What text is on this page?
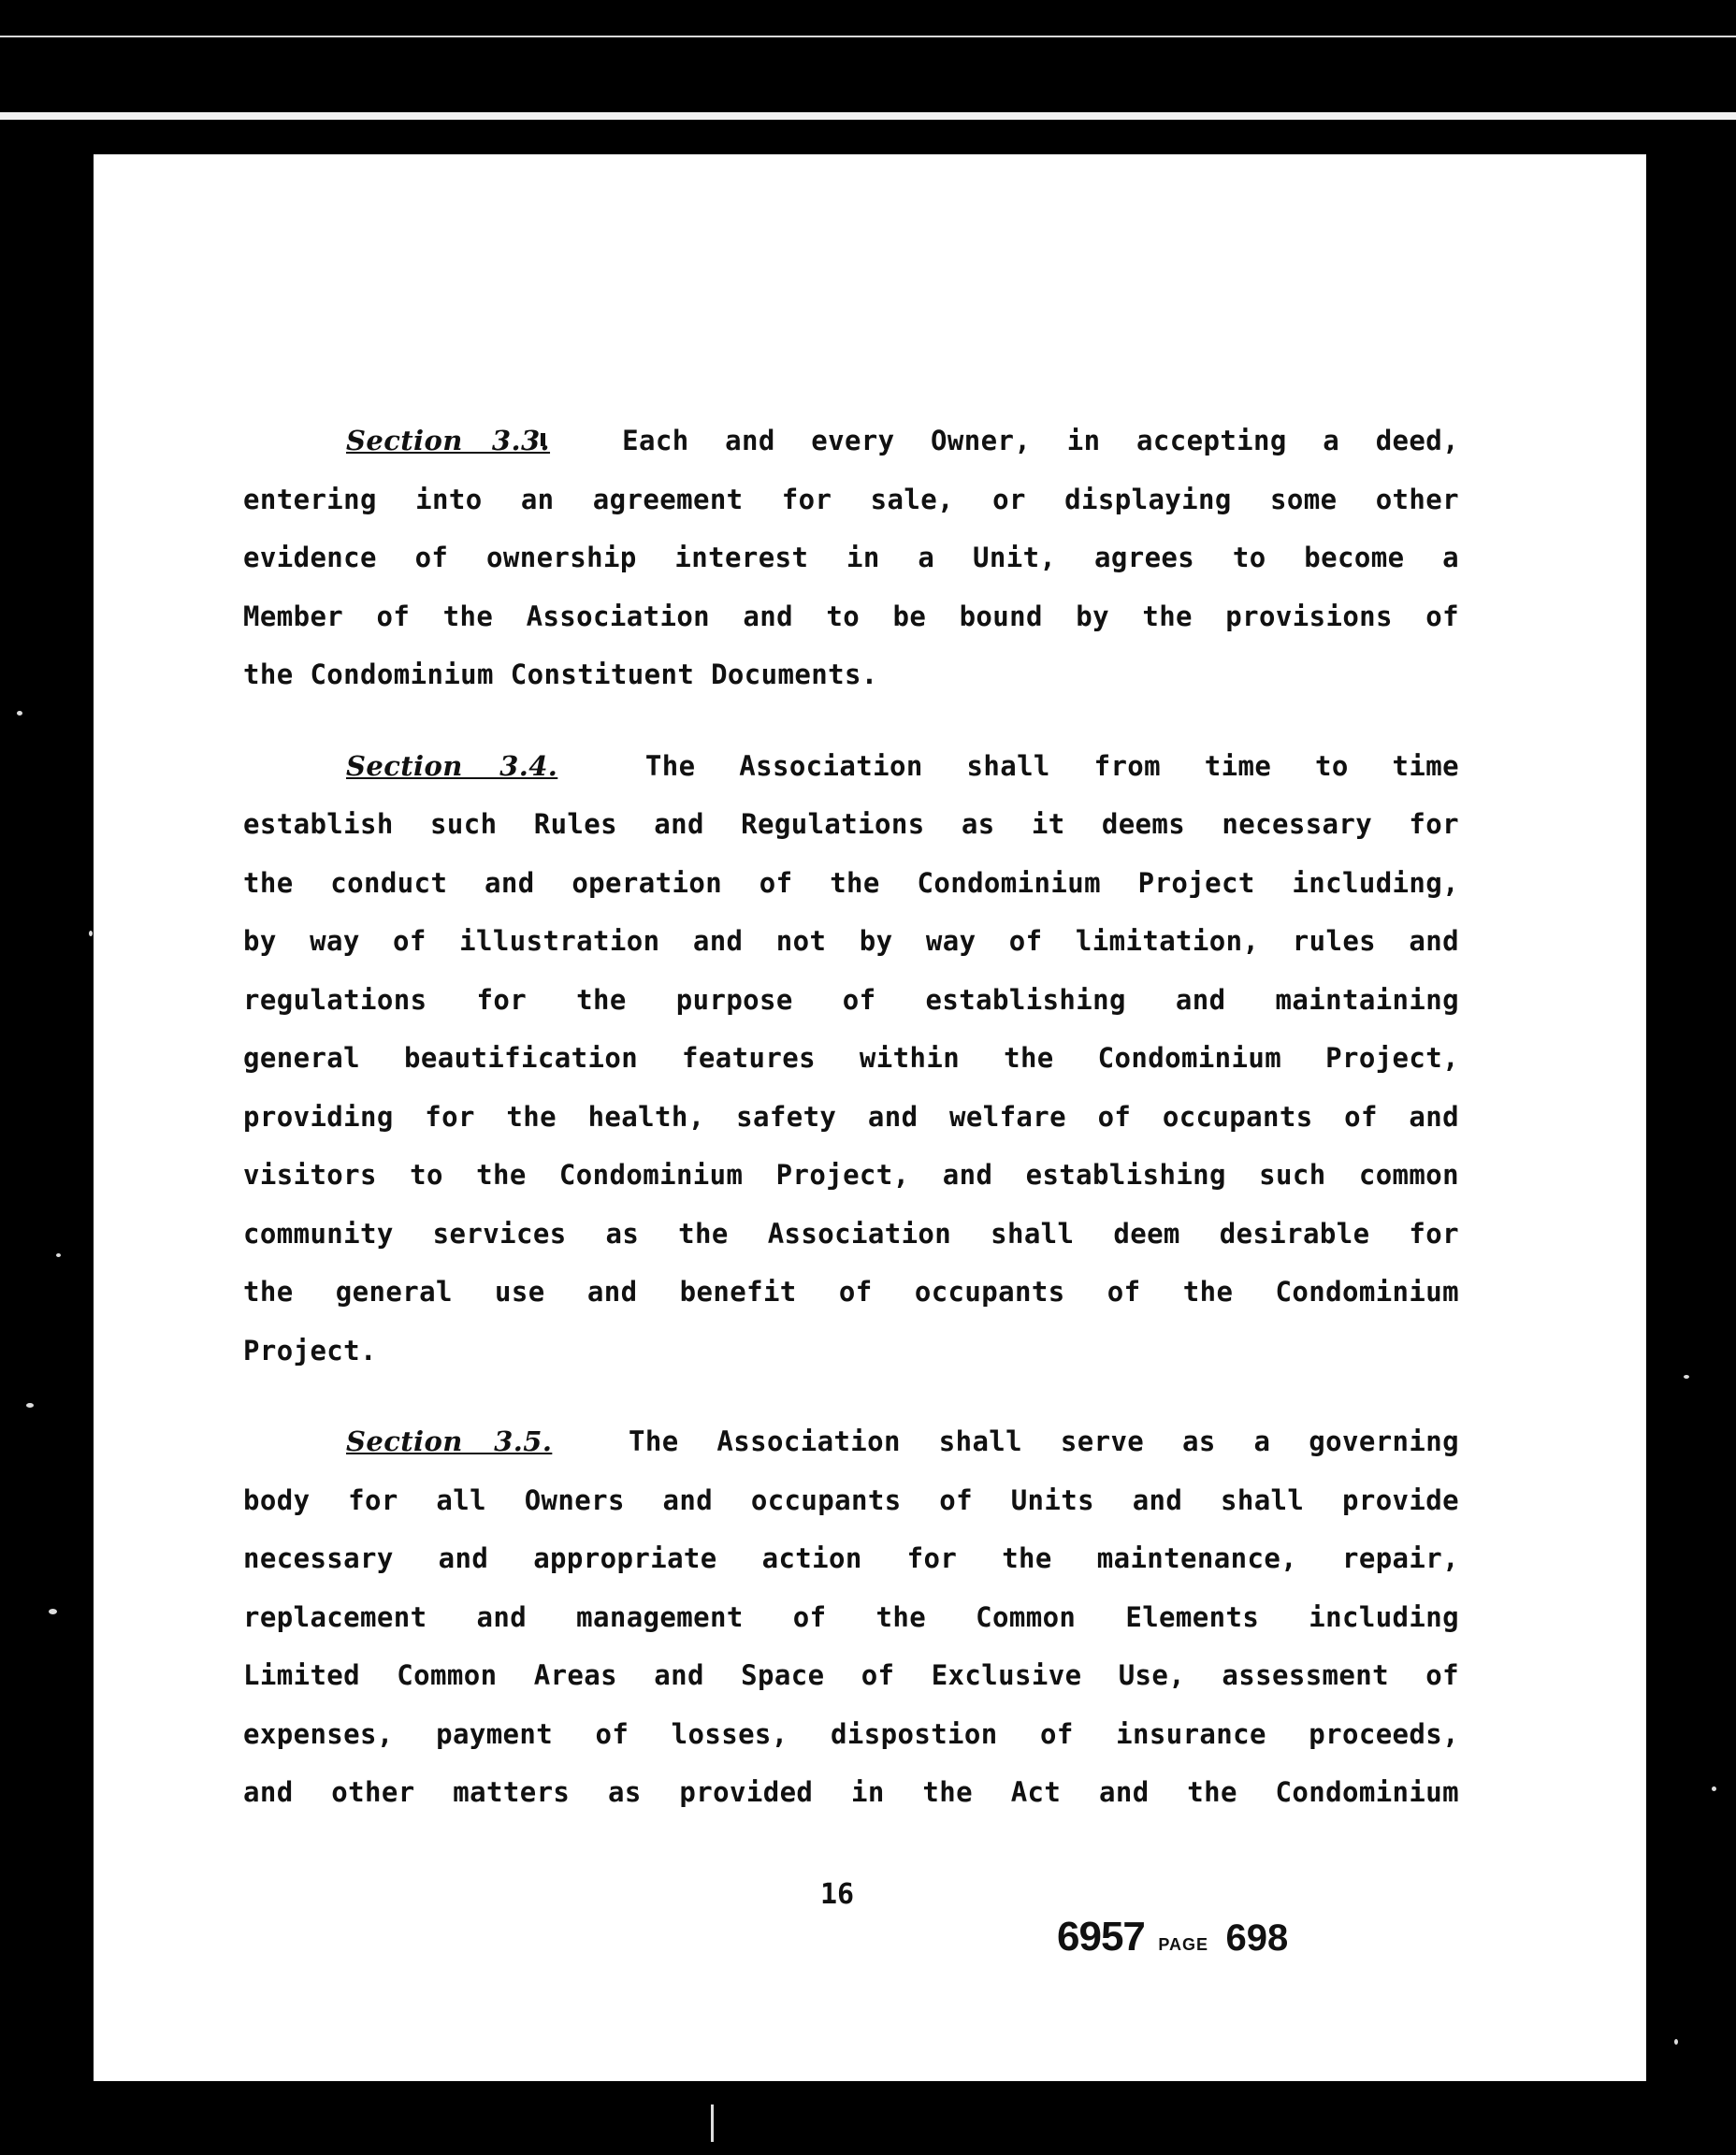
Section 3.3.	Each and every Owner, in accepting a deed,
entering into an agreement for sale, or displaying some other
evidence of ownership interest in a Unit, agrees to become a
Member of the Association and to be bound by the provisions of
the Condominium Constituent Documents.
Section 3.4.	The Association shall from time to time
establish such Rules and Regulations as it deems necessary for
the conduct and operation of the Condominium Project including,
by way of illustration and not by way of limitation, rules and
regulations for the purpose of establishing and maintaining
general beautification features within the Condominium Project,
providing for the health, safety and welfare of occupants of and
visitors to the Condominium Project, and establishing such common
community services as the Association shall deem desirable for
the general use and benefit of occupants of the Condominium
Project.
Section 3.5.	The Association shall serve as a governing
body for all Owners and occupants of Units and shall provide
necessary and appropriate action for the maintenance, repair,
replacement and management of the Common Elements including
Limited Common Areas and Space of Exclusive Use, assessment of
expenses, payment of losses, dispostion of insurance proceeds,
and other matters as provided in the Act and the Condominium
16
6957 PAGE 698
